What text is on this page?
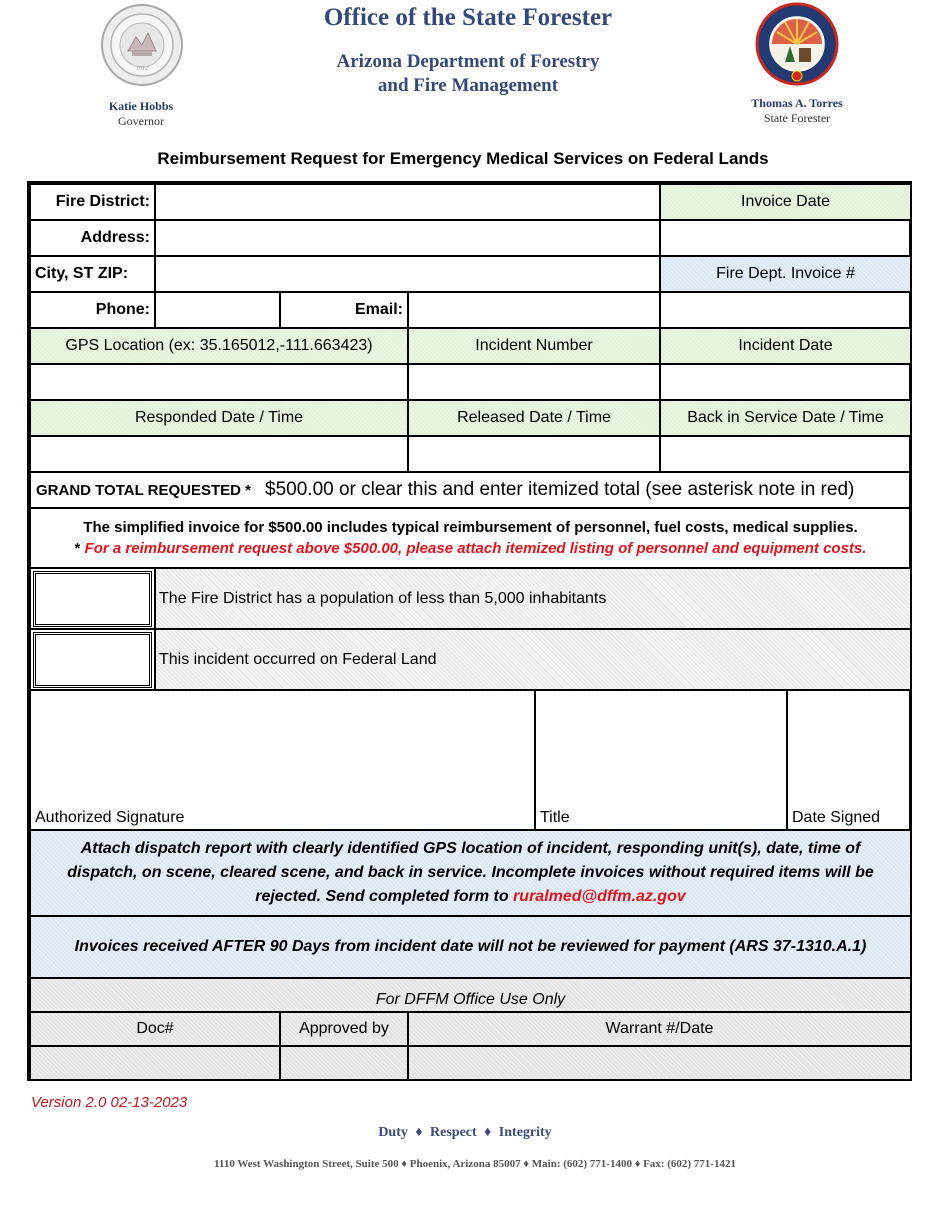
1912
Katie Hobbs
Governor
Office of the State Forester
Arizona Department of Forestry
and Fire Management
Thomas A. Torres
State Forester
Reimbursement Request for Emergency Medical Services on Federal Lands
Fire District:	Invoice Date
Address:
City, ST ZIP:	Fire Dept. Invoice #
Phone:	Email:
GPS Location (ex: 35.165012,-111.663423)	Incident Number	Incident Date
Responded Date / Time	Released Date / Time	Back in Service Date / Time
GRAND TOTAL REQUESTED * $500.00 or clear this and enter itemized total (see asterisk note in red)
The simplified invoice for $500.00 includes typical reimbursement of personnel, fuel costs, medical supplies.
* For a reimbursement request above $500.00, please attach itemized listing of personnel and equipment costs.
The Fire District has a population of less than 5,000 inhabitants
This incident occurred on Federal Land
Authorized Signature	Title	Date Signed
Attach dispatch report with clearly identified GPS location of incident, responding unit(s), date, time of dispatch, on scene, cleared scene, and back in service. Incomplete invoices without required items will be rejected. Send completed form to ruralmed@dffm.az.gov
Invoices received AFTER 90 Days from incident date will not be reviewed for payment (ARS 37-1310.A.1)
For DFFM Office Use Only
Doc#	Approved by	Warrant #/Date
Version 2.0 02-13-2023
Duty ♦ Respect ♦ Integrity
1110 West Washington Street, Suite 500 ♦ Phoenix, Arizona 85007 ♦ Main: (602) 771-1400 ♦ Fax: (602) 771-1421
